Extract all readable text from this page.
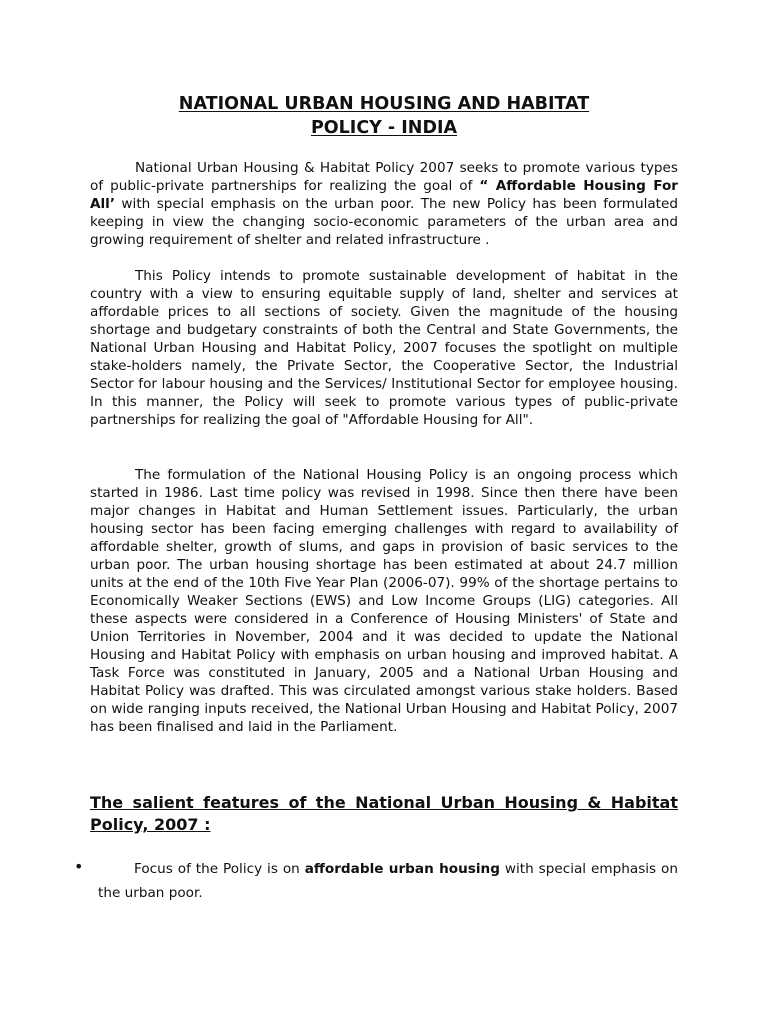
NATIONAL URBAN HOUSING AND HABITAT
POLICY - INDIA

National Urban Housing & Habitat Policy 2007 seeks to promote various types of public-private partnerships for realizing the goal of “ Affordable Housing For All’ with special emphasis on the urban poor. The new Policy has been formulated keeping in view the changing socio-economic parameters of the urban area and growing requirement of shelter and related infrastructure .

This Policy intends to promote sustainable development of habitat in the country with a view to ensuring equitable supply of land, shelter and services at affordable prices to all sections of society. Given the magnitude of the housing shortage and budgetary constraints of both the Central and State Governments, the National Urban Housing and Habitat Policy, 2007 focuses the spotlight on multiple stake-holders namely, the Private Sector, the Cooperative Sector, the Industrial Sector for labour housing and the Services/ Institutional Sector for employee housing. In this manner, the Policy will seek to promote various types of public-private partnerships for realizing the goal of "Affordable Housing for All".

The formulation of the National Housing Policy is an ongoing process which started in 1986. Last time policy was revised in 1998. Since then there have been major changes in Habitat and Human Settlement issues. Particularly, the urban housing sector has been facing emerging challenges with regard to availability of affordable shelter, growth of slums, and gaps in provision of basic services to the urban poor. The urban housing shortage has been estimated at about 24.7 million units at the end of the 10th Five Year Plan (2006-07). 99% of the shortage pertains to Economically Weaker Sections (EWS) and Low Income Groups (LIG) categories. All these aspects were considered in a Conference of Housing Ministers' of State and Union Territories in November, 2004 and it was decided to update the National Housing and Habitat Policy with emphasis on urban housing and improved habitat. A Task Force was constituted in January, 2005 and a National Urban Housing and Habitat Policy was drafted. This was circulated amongst various stake holders. Based on wide ranging inputs received, the National Urban Housing and Habitat Policy, 2007 has been finalised and laid in the Parliament.

The salient features of the National Urban Housing & Habitat Policy, 2007 :
•	Focus of the Policy is on affordable urban housing with special emphasis on the urban poor.
